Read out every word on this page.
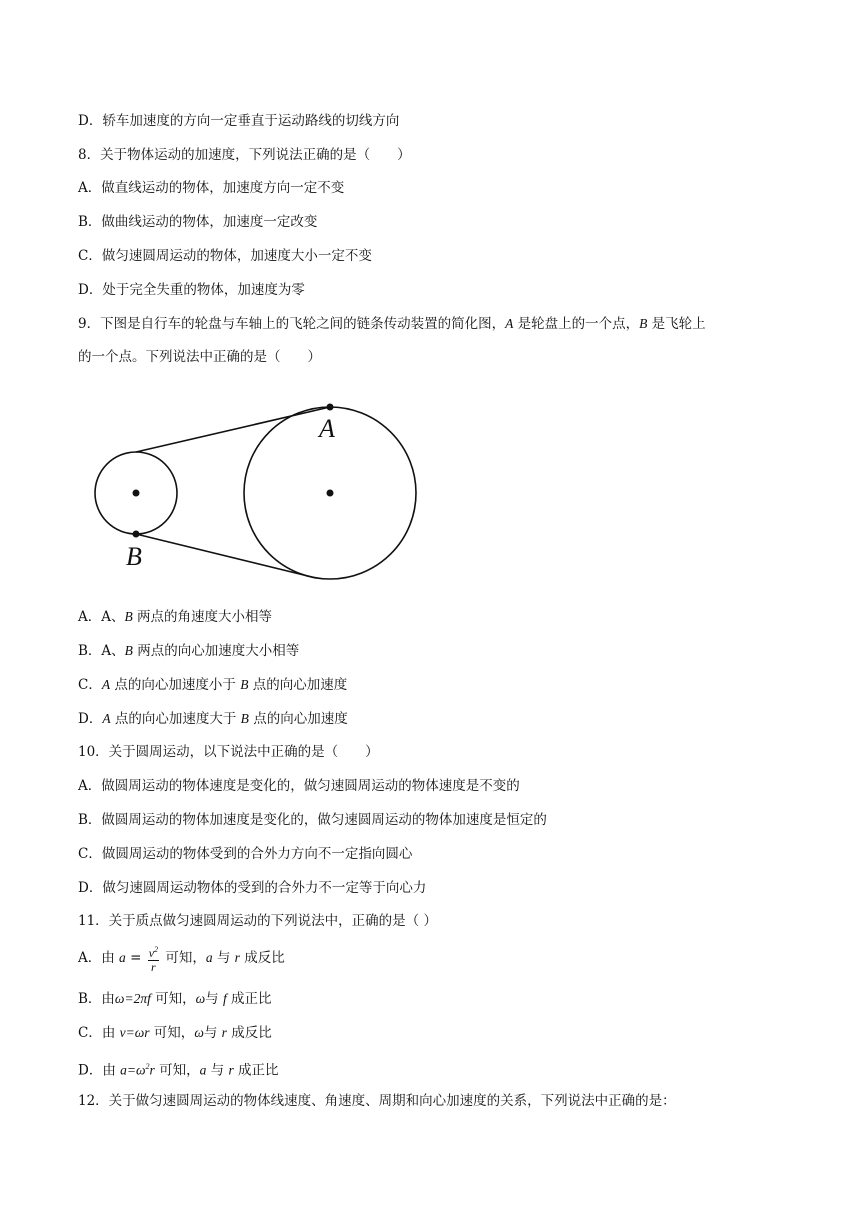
D．轿车加速度的方向一定垂直于运动路线的切线方向
8．关于物体运动的加速度，下列说法正确的是（　　）
A．做直线运动的物体，加速度方向一定不变
B．做曲线运动的物体，加速度一定改变
C．做匀速圆周运动的物体，加速度大小一定不变
D．处于完全失重的物体，加速度为零
9．下图是自行车的轮盘与车轴上的飞轮之间的链条传动装置的简化图，A 是轮盘上的一个点，B 是飞轮上
的一个点。下列说法中正确的是（　　）
A
B
A．A、B 两点的角速度大小相等
B．A、B 两点的向心加速度大小相等
C．A 点的向心加速度小于 B 点的向心加速度
D．A 点的向心加速度大于 B 点的向心加速度
10．关于圆周运动，以下说法中正确的是（　　）
A．做圆周运动的物体速度是变化的，做匀速圆周运动的物体速度是不变的
B．做圆周运动的物体加速度是变化的，做匀速圆周运动的物体加速度是恒定的
C．做圆周运动的物体受到的合外力方向不一定指向圆心
D．做匀速圆周运动物体的受到的合外力不一定等于向心力
11．关于质点做匀速圆周运动的下列说法中，正确的是（ ）
A．由 $a = \frac{v^2}{r}$ 可知，a 与 r 成反比
B．由ω=2πf 可知，ω与 f 成正比
C．由 v=ωr 可知，ω与 r 成反比
D．由 $a=\omega^2r$ 可知，a 与 r 成正比
12．关于做匀速圆周运动的物体线速度、角速度、周期和向心加速度的关系，下列说法中正确的是：
